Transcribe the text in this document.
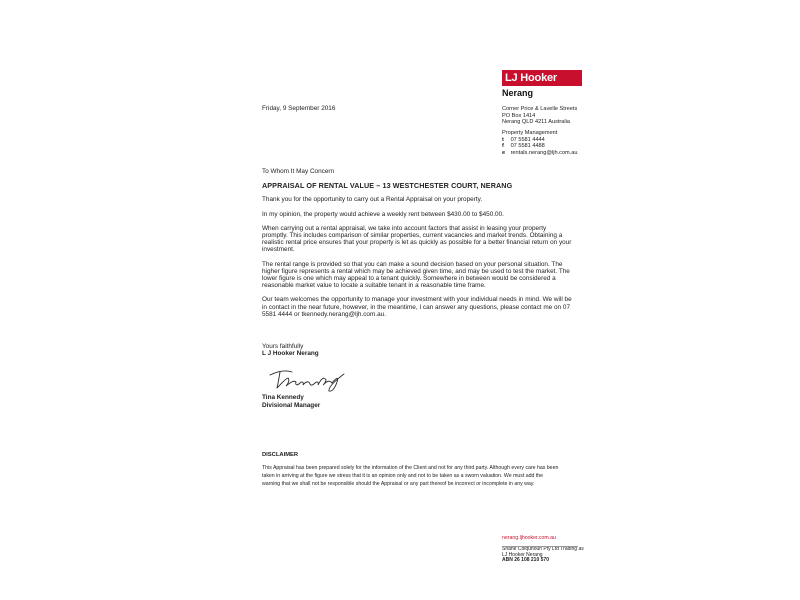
LJ Hooker
Nerang
Corner Price & Lavelle Streets
PO Box 1414
Nerang QLD 4211 Australia
Property Management
t 07 5581 4444
f 07 5581 4488
e rentals.nerang@ljh.com.au
Friday, 9 September 2016

To Whom It May Concern

APPRAISAL OF RENTAL VALUE – 13 WESTCHESTER COURT, NERANG

Thank you for the opportunity to carry out a Rental Appraisal on your property.

In my opinion, the property would achieve a weekly rent between $430.00 to $450.00.

When carrying out a rental appraisal, we take into account factors that assist in leasing your property promptly. This includes comparison of similar properties, current vacancies and market trends. Obtaining a realistic rental price ensures that your property is let as quickly as possible for a better financial return on your investment.

The rental range is provided so that you can make a sound decision based on your personal situation. The higher figure represents a rental which may be achieved given time, and may be used to test the market. The lower figure is one which may appeal to a tenant quickly. Somewhere in between would be considered a reasonable market value to locate a suitable tenant in a reasonable time frame.

Our team welcomes the opportunity to manage your investment with your individual needs in mind. We will be in contact in the near future, however, in the meantime, I can answer any questions, please contact me on 07 5581 4444 or tkennedy.nerang@ljh.com.au.

Yours faithfully
L J Hooker Nerang
Tina Kennedy
Divisional Manager
DISCLAIMER
This Appraisal has been prepared solely for the information of the Client and not for any third party. Although every care has been taken in arriving at the figure we stress that it is an opinion only and not to be taken as a sworn valuation. We must add the warning that we shall not be responsible should the Appraisal or any part thereof be incorrect or incomplete in any way.
nerang.ljhooker.com.au
Shane Colquhoun Pty Ltd Trading as
LJ Hooker Nerang
ABN 26 108 210 570
